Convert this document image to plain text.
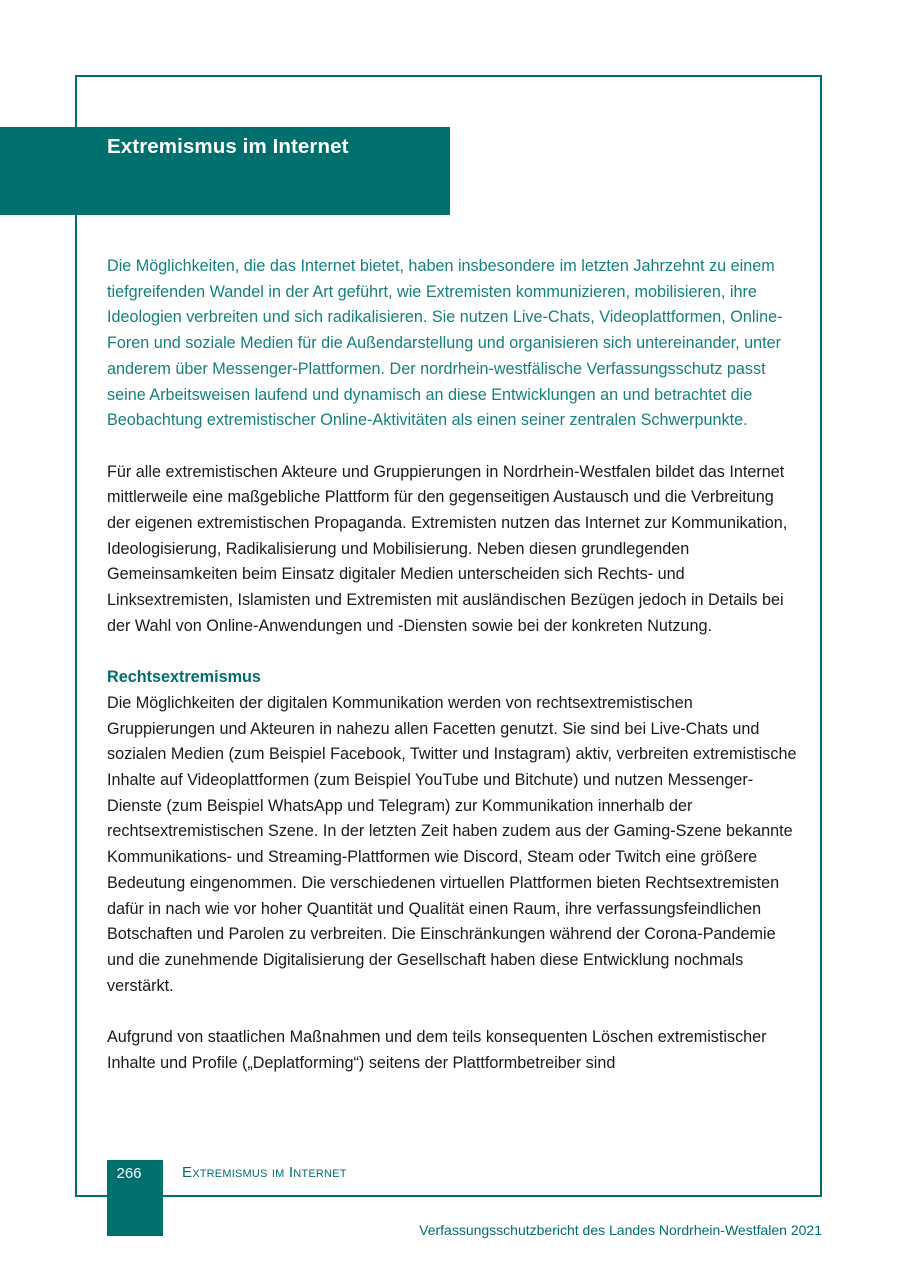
Extremismus im Internet

Die Möglichkeiten, die das Internet bietet, haben insbesondere im letzten Jahrzehnt zu einem tiefgreifenden Wandel in der Art geführt, wie Extremisten kommunizieren, mobilisieren, ihre Ideologien verbreiten und sich radikalisieren. Sie nutzen Live-Chats, Videoplattformen, Online-Foren und soziale Medien für die Außendarstellung und organisieren sich untereinander, unter anderem über Messenger-Plattformen. Der nordrhein-westfälische Verfassungsschutz passt seine Arbeitsweisen laufend und dynamisch an diese Entwicklungen an und betrachtet die Beobachtung extremistischer Online-Aktivitäten als einen seiner zentralen Schwerpunkte.

Für alle extremistischen Akteure und Gruppierungen in Nordrhein-Westfalen bildet das Internet mittlerweile eine maßgebliche Plattform für den gegenseitigen Austausch und die Verbreitung der eigenen extremistischen Propaganda. Extremisten nutzen das Internet zur Kommunikation, Ideologisierung, Radikalisierung und Mobilisierung. Neben diesen grundlegenden Gemeinsamkeiten beim Einsatz digitaler Medien unterscheiden sich Rechts- und Linksextremisten, Islamisten und Extremisten mit ausländischen Bezügen jedoch in Details bei der Wahl von Online-Anwendungen und -Diensten sowie bei der konkreten Nutzung.

Rechtsextremismus

Die Möglichkeiten der digitalen Kommunikation werden von rechtsextremistischen Gruppierungen und Akteuren in nahezu allen Facetten genutzt. Sie sind bei Live-Chats und sozialen Medien (zum Beispiel Facebook, Twitter und Instagram) aktiv, verbreiten extremistische Inhalte auf Videoplattformen (zum Beispiel YouTube und Bitchute) und nutzen Messenger-Dienste (zum Beispiel WhatsApp und Telegram) zur Kommunikation innerhalb der rechtsextremistischen Szene. In der letzten Zeit haben zudem aus der Gaming-Szene bekannte Kommunikations- und Streaming-Plattformen wie Discord, Steam oder Twitch eine größere Bedeutung eingenommen. Die verschiedenen virtuellen Plattformen bieten Rechtsextremisten dafür in nach wie vor hoher Quantität und Qualität einen Raum, ihre verfassungsfeindlichen Botschaften und Parolen zu verbreiten. Die Einschränkungen während der Corona-Pandemie und die zunehmende Digitalisierung der Gesellschaft haben diese Entwicklung nochmals verstärkt.

Aufgrund von staatlichen Maßnahmen und dem teils konsequenten Löschen extremistischer Inhalte und Profile („Deplatforming“) seitens der Plattformbetreiber sind

266	Extremismus im Internet
Verfassungsschutzbericht des Landes Nordrhein-Westfalen 2021
